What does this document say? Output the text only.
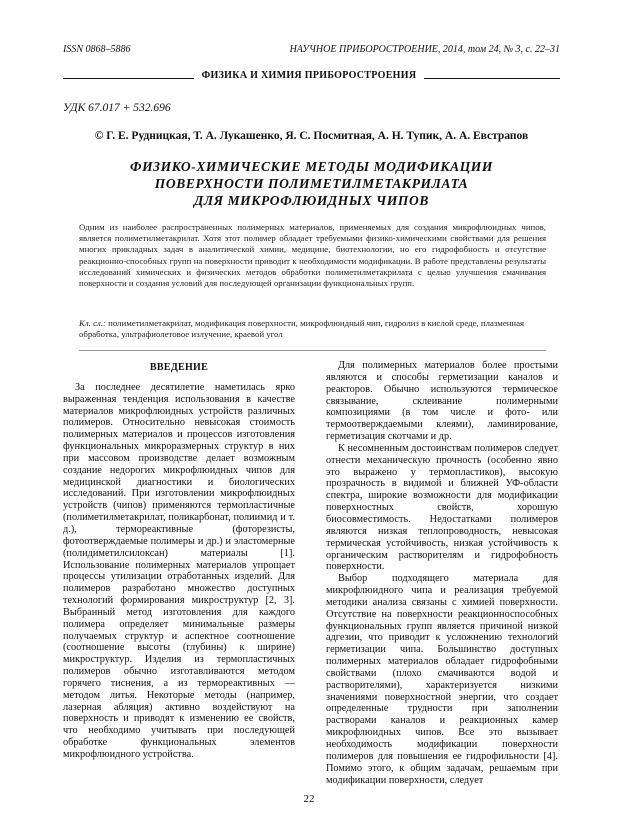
ISSN 0868–5886	НАУЧНОЕ ПРИБОРОСТРОЕНИЕ, 2014, том 24, № 3, с. 22–31
ФИЗИКА И ХИМИЯ ПРИБОРОСТРОЕНИЯ
УДК 67.017 + 532.696
© Г. Е. Рудницкая, Т. А. Лукашенко, Я. С. Посмитная, А. Н. Тупик, А. А. Евстрапов
ФИЗИКО-ХИМИЧЕСКИЕ МЕТОДЫ МОДИФИКАЦИИ
ПОВЕРХНОСТИ ПОЛИМЕТИЛМЕТАКРИЛАТА
ДЛЯ МИКРОФЛЮИДНЫХ ЧИПОВ
Одним из наиболее распространенных полимерных материалов, применяемых для создания микрофлюидных чипов, является полиметилметакрилат. Хотя этот полимер обладает требуемыми физико-химическими свойствами для решения многих прикладных задач в аналитической химии, медицине, биотехнологии, но его гидрофобность и отсутствие реакционно-способных групп на поверхности приводит к необходимости модификации. В работе представлены результаты исследований химических и физических методов обработки полиметилметакрилата с целью улучшения смачивания поверхности и создания условий для последующей организации функциональных групп.
Кл. сл.: полиметилметакрилат, модификация поверхности, микрофлюидный чип, гидролиз в кислой среде, плазменная обработка, ультрафиолетовое излучение, краевой угол
ВВЕДЕНИЕ

За последнее десятилетие наметилась ярко выраженная тенденция использования в качестве материалов микрофлюидных устройств различных полимеров. Относительно невысокая стоимость полимерных материалов и процессов изготовления функциональных микроразмерных структур в них при массовом производстве делает возможным создание недорогих микрофлюидных чипов для медицинской диагностики и биологических исследований. При изготовлении микрофлюидных устройств (чипов) применяются термопластичные (полиметилметакрилат, поликарбонат, полиимид и т. д.), термореактивные (фоторезисты, фотоотверждаемые полимеры и др.) и эластомерные (полидиметилсилоксан) материалы [1]. Использование полимерных материалов упрощает процессы утилизации отработанных изделий. Для полимеров разработано множество доступных технологий формирования микроструктур [2, 3]. Выбранный метод изготовления для каждого полимера определяет минимальные размеры получаемых структур и аспектное соотношение (соотношение высоты (глубины) к ширине) микроструктур. Изделия из термопластичных полимеров обычно изготавливаются методом горячего тиснения, а из термореактивных — методом литья. Некоторые методы (например, лазерная абляция) активно воздействуют на поверхность и приводят к изменению ее свойств, что необходимо учитывать при последующей обработке функциональных элементов микрофлюидного устройства.

Для полимерных материалов более простыми являются и способы герметизации каналов и реакторов. Обычно используются термическое связывание, склеивание полимерными композициями (в том числе и фото- или термоотверждаемыми клеями), ламинирование, герметизация скотчами и др.

К несомненным достоинствам полимеров следует отнести механическую прочность (особенно явно это выражено у термопластиков), высокую прозрачность в видимой и ближней УФ-области спектра, широкие возможности для модификации поверхностных свойств, хорошую биосовместимость. Недостатками полимеров являются низкая теплопроводность, невысокая термическая устойчивость, низкая устойчивость к органическим растворителям и гидрофобность поверхности.

Выбор подходящего материала для микрофлюидного чипа и реализация требуемой методики анализа связаны с химией поверхности. Отсутствие на поверхности реакционноспособных функциональных групп является причиной низкой адгезии, что приводит к усложнению технологий герметизации чипа. Большинство доступных полимерных материалов обладает гидрофобными свойствами (плохо смачиваются водой и растворителями), характеризуется низкими значениями поверхностной энергии, что создает определенные трудности при заполнении растворами каналов и реакционных камер микрофлюидных чипов. Все это вызывает необходимость модификации поверхности полимеров для повышения ее гидрофильности [4]. Помимо этого, к общим задачам, решаемым при модификации поверхности, следует

22
